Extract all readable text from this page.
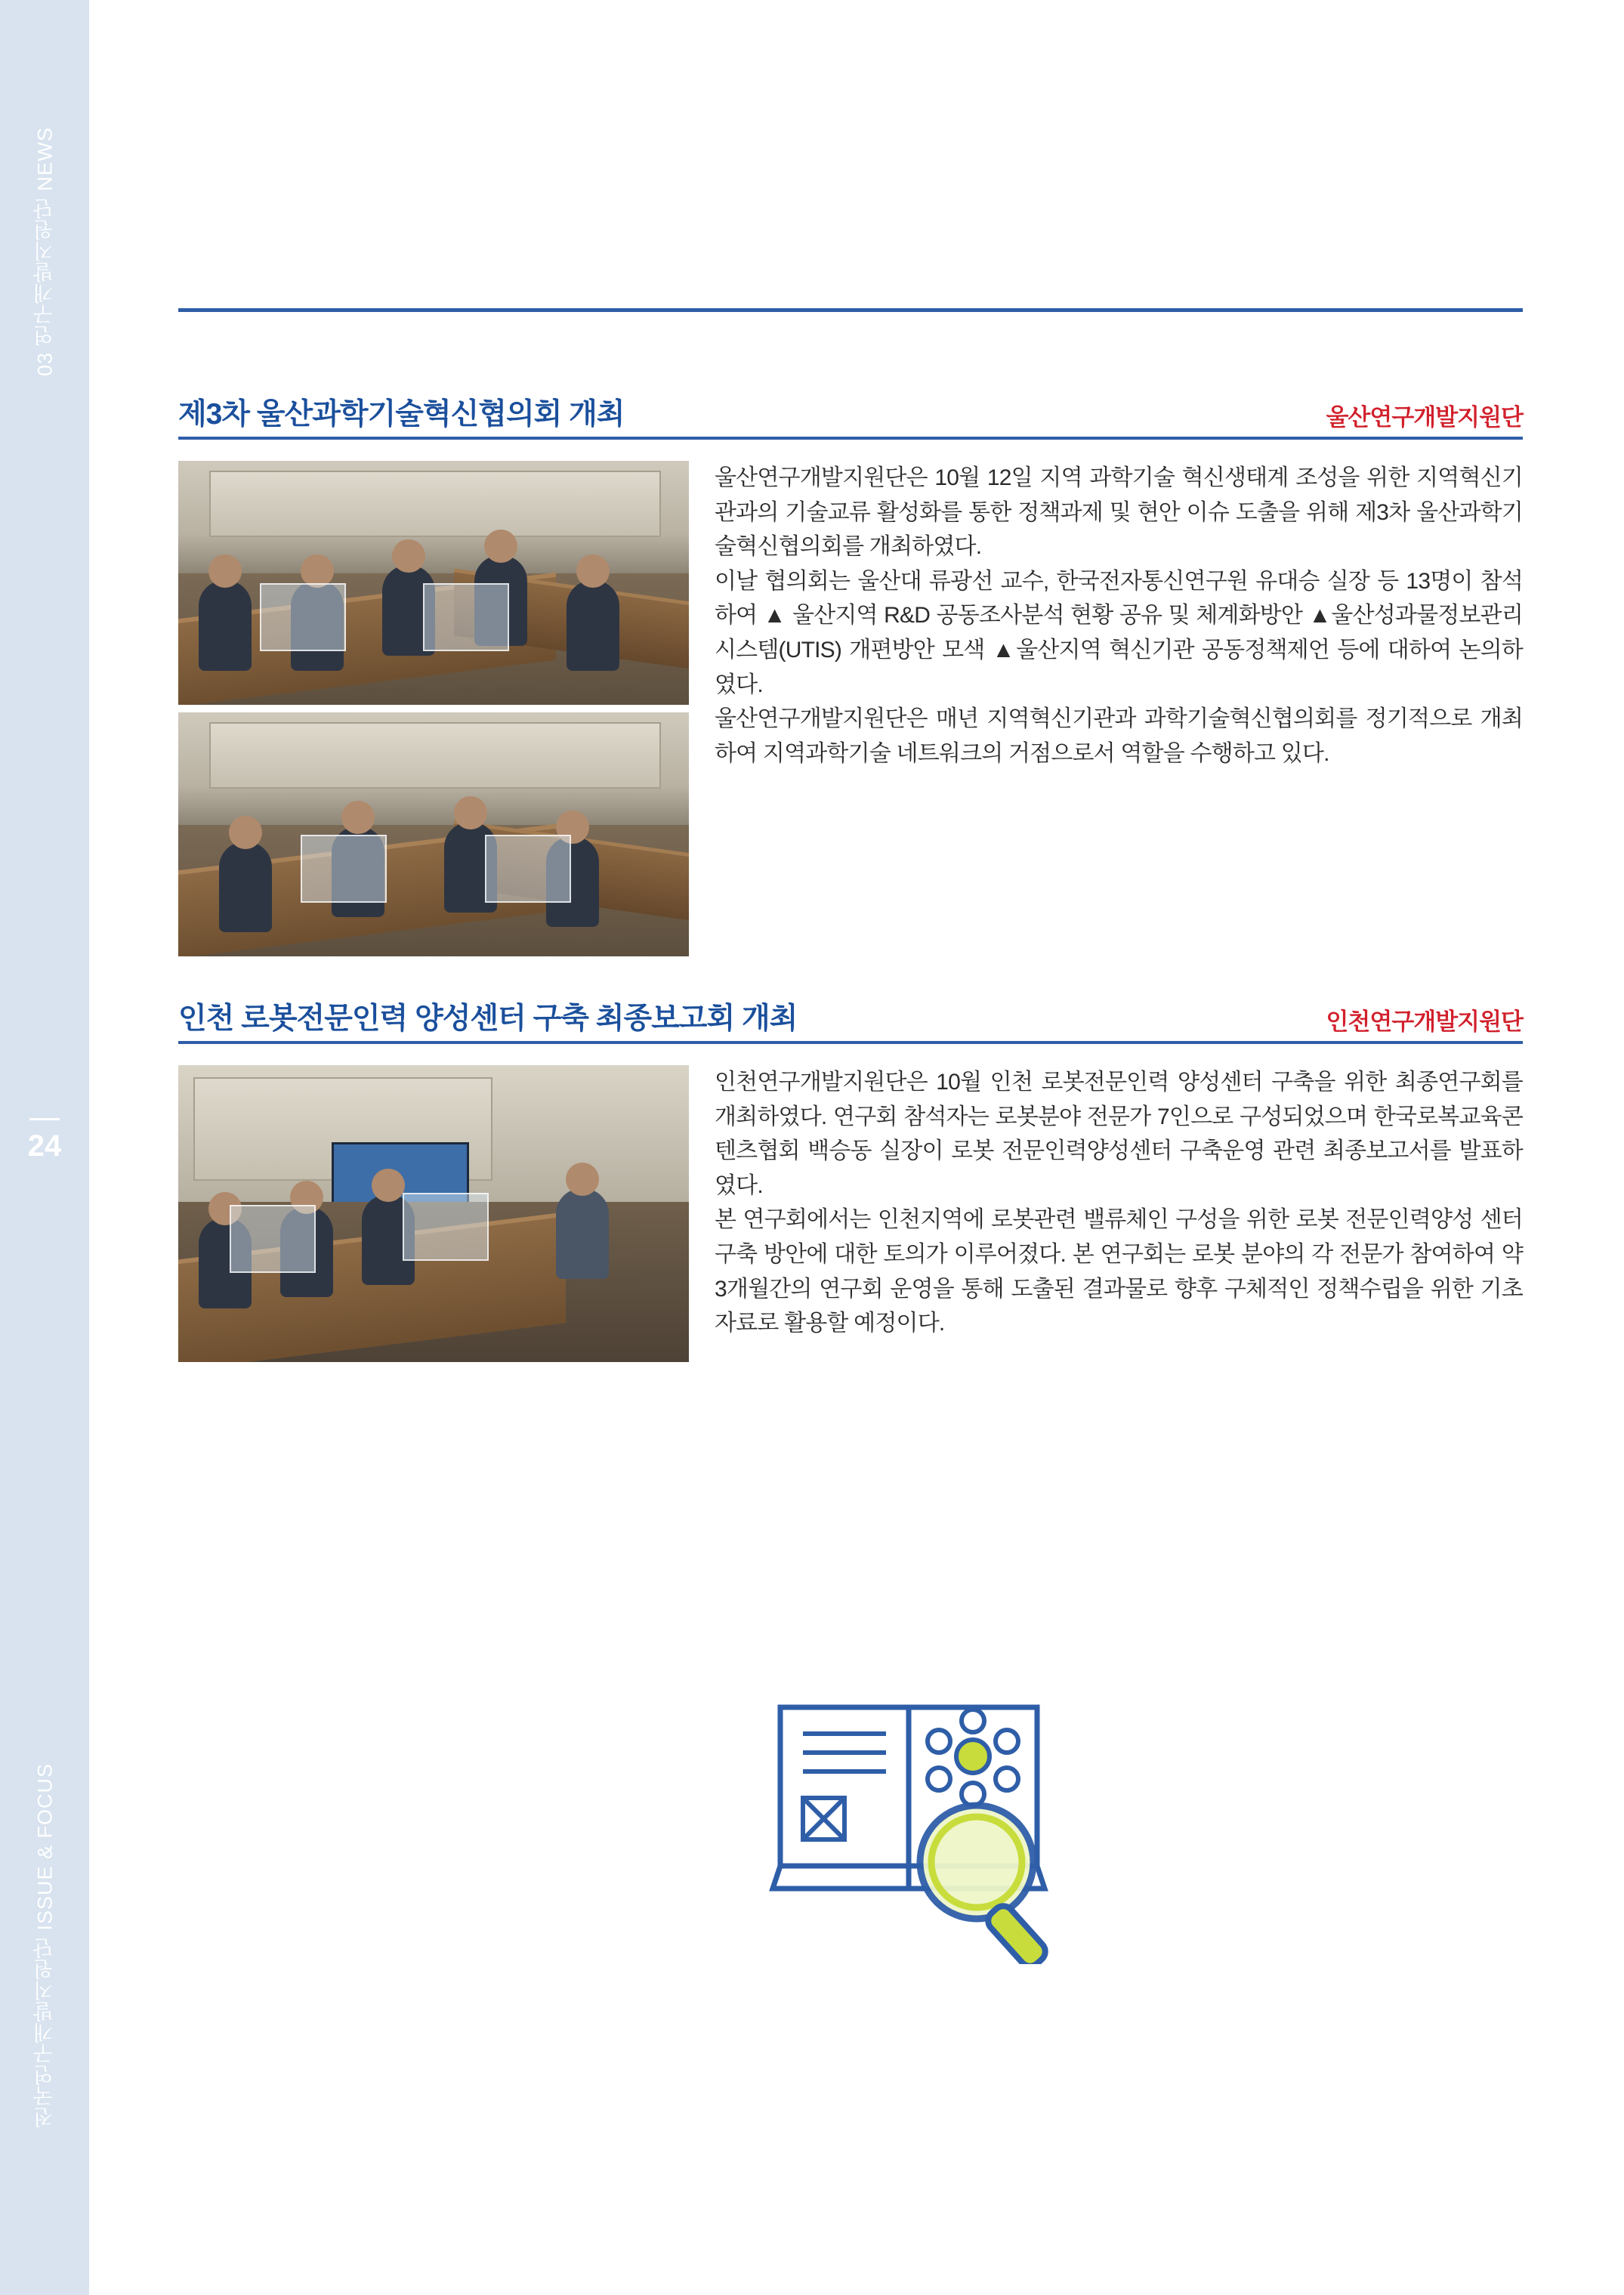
03 연구개발지원단 NEWS
24
전국연구개발지원단 ISSUE & FOCUS
제3차 울산과학기술혁신협의회 개최	울산연구개발지원단

울산연구개발지원단은 10월 12일 지역 과학기술 혁신생태계 조성을 위한 지역혁신기관과의 기술교류 활성화를 통한 정책과제 및 현안 이슈 도출을 위해 제3차 울산과학기술혁신협의회를 개최하였다.

이날 협의회는 울산대 류광선 교수, 한국전자통신연구원 유대승 실장 등 13명이 참석하여 ▲ 울산지역 R&D 공동조사분석 현황 공유 및 체계화방안 ▲울산성과물정보관리시스템(UTIS) 개편방안 모색 ▲울산지역 혁신기관 공동정책제언 등에 대하여 논의하였다.

울산연구개발지원단은 매년 지역혁신기관과 과학기술혁신협의회를 정기적으로 개최하여 지역과학기술 네트워크의 거점으로서 역할을 수행하고 있다.

인천 로봇전문인력 양성센터 구축 최종보고회 개최	인천연구개발지원단

인천연구개발지원단은 10월 인천 로봇전문인력 양성센터 구축을 위한 최종연구회를 개최하였다. 연구회 참석자는 로봇분야 전문가 7인으로 구성되었으며 한국로복교육콘텐츠협회 백승동 실장이 로봇 전문인력양성센터 구축운영 관련 최종보고서를 발표하였다.

본 연구회에서는 인천지역에 로봇관련 밸류체인 구성을 위한 로봇 전문인력양성 센터 구축 방안에 대한 토의가 이루어졌다. 본 연구회는 로봇 분야의 각 전문가 참여하여 약 3개월간의 연구회 운영을 통해 도출된 결과물로 향후 구체적인 정책수립을 위한 기초자료로 활용할 예정이다.
